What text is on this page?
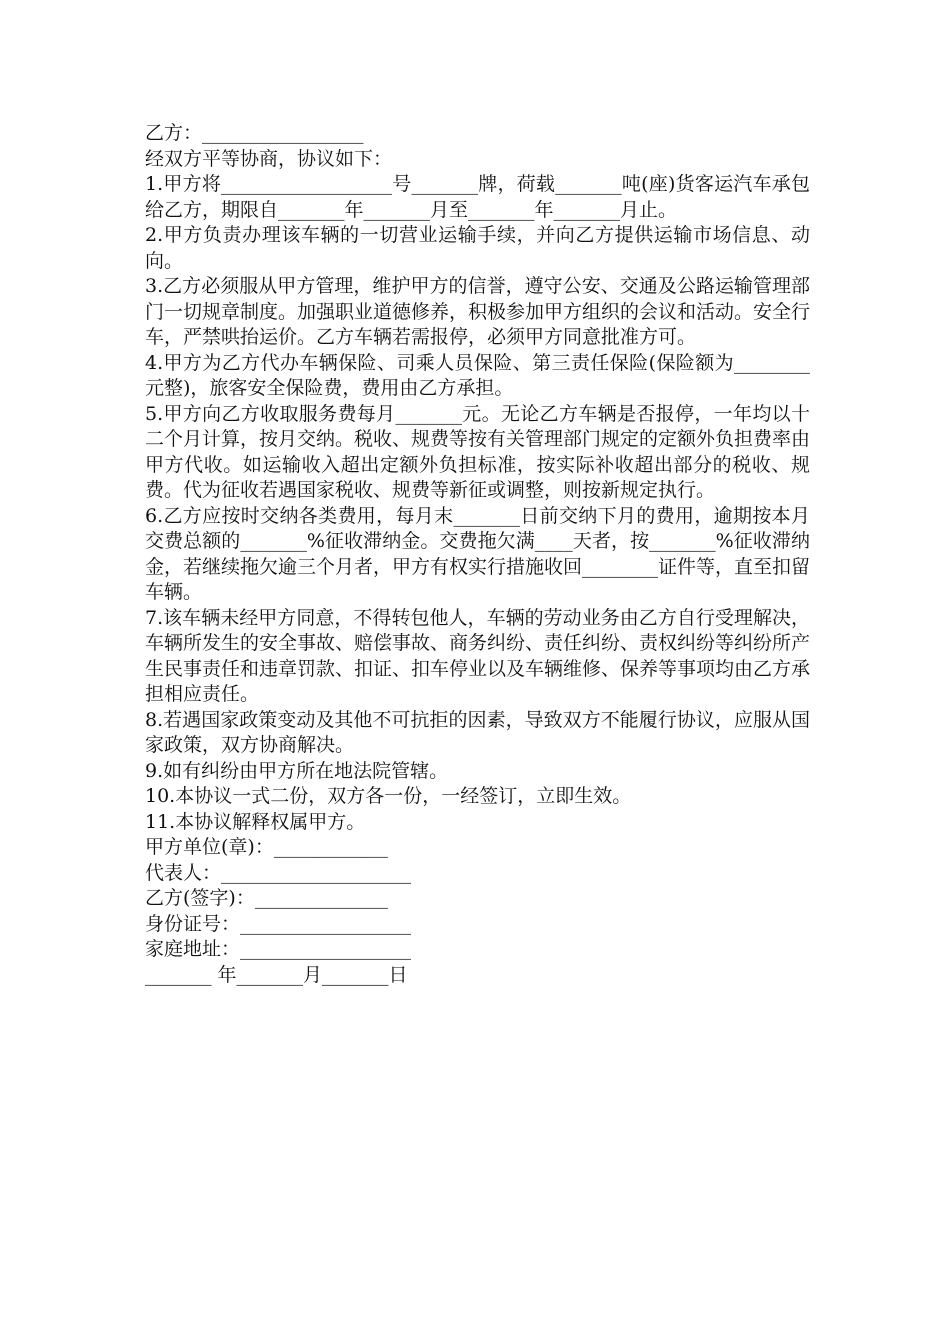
乙方：_________________

经双方平等协商，协议如下：

1.甲方将__________________号_______牌，荷载_______吨(座)货客运汽车承包给乙方，期限自_______年_______月至_______年_______月止。

2.甲方负责办理该车辆的一切营业运输手续，并向乙方提供运输市场信息、动向。

3.乙方必须服从甲方管理，维护甲方的信誉，遵守公安、交通及公路运输管理部门一切规章制度。加强职业道德修养，积极参加甲方组织的会议和活动。安全行车，严禁哄抬运价。乙方车辆若需报停，必须甲方同意批准方可。

4.甲方为乙方代办车辆保险、司乘人员保险、第三责任保险(保险额为________元整)，旅客安全保险费，费用由乙方承担。

5.甲方向乙方收取服务费每月_______元。无论乙方车辆是否报停，一年均以十二个月计算，按月交纳。税收、规费等按有关管理部门规定的定额外负担费率由甲方代收。如运输收入超出定额外负担标准，按实际补收超出部分的税收、规费。代为征收若遇国家税收、规费等新征或调整，则按新规定执行。

6.乙方应按时交纳各类费用，每月末_______日前交纳下月的费用，逾期按本月交费总额的_______%征收滞纳金。交费拖欠满____天者，按_______%征收滞纳金，若继续拖欠逾三个月者，甲方有权实行措施收回________证件等，直至扣留车辆。

7.该车辆未经甲方同意，不得转包他人，车辆的劳动业务由乙方自行受理解决，车辆所发生的安全事故、赔偿事故、商务纠纷、责任纠纷、责权纠纷等纠纷所产生民事责任和违章罚款、扣证、扣车停业以及车辆维修、保养等事项均由乙方承担相应责任。

8.若遇国家政策变动及其他不可抗拒的因素，导致双方不能履行协议，应服从国家政策，双方协商解决。

9.如有纠纷由甲方所在地法院管辖。

10.本协议一式二份，双方各一份，一经签订，立即生效。

11.本协议解释权属甲方。

甲方单位(章)：____________

代表人：____________________

乙方(签字)：______________

身份证号：__________________

家庭地址：__________________

_______ 年_______月_______日
